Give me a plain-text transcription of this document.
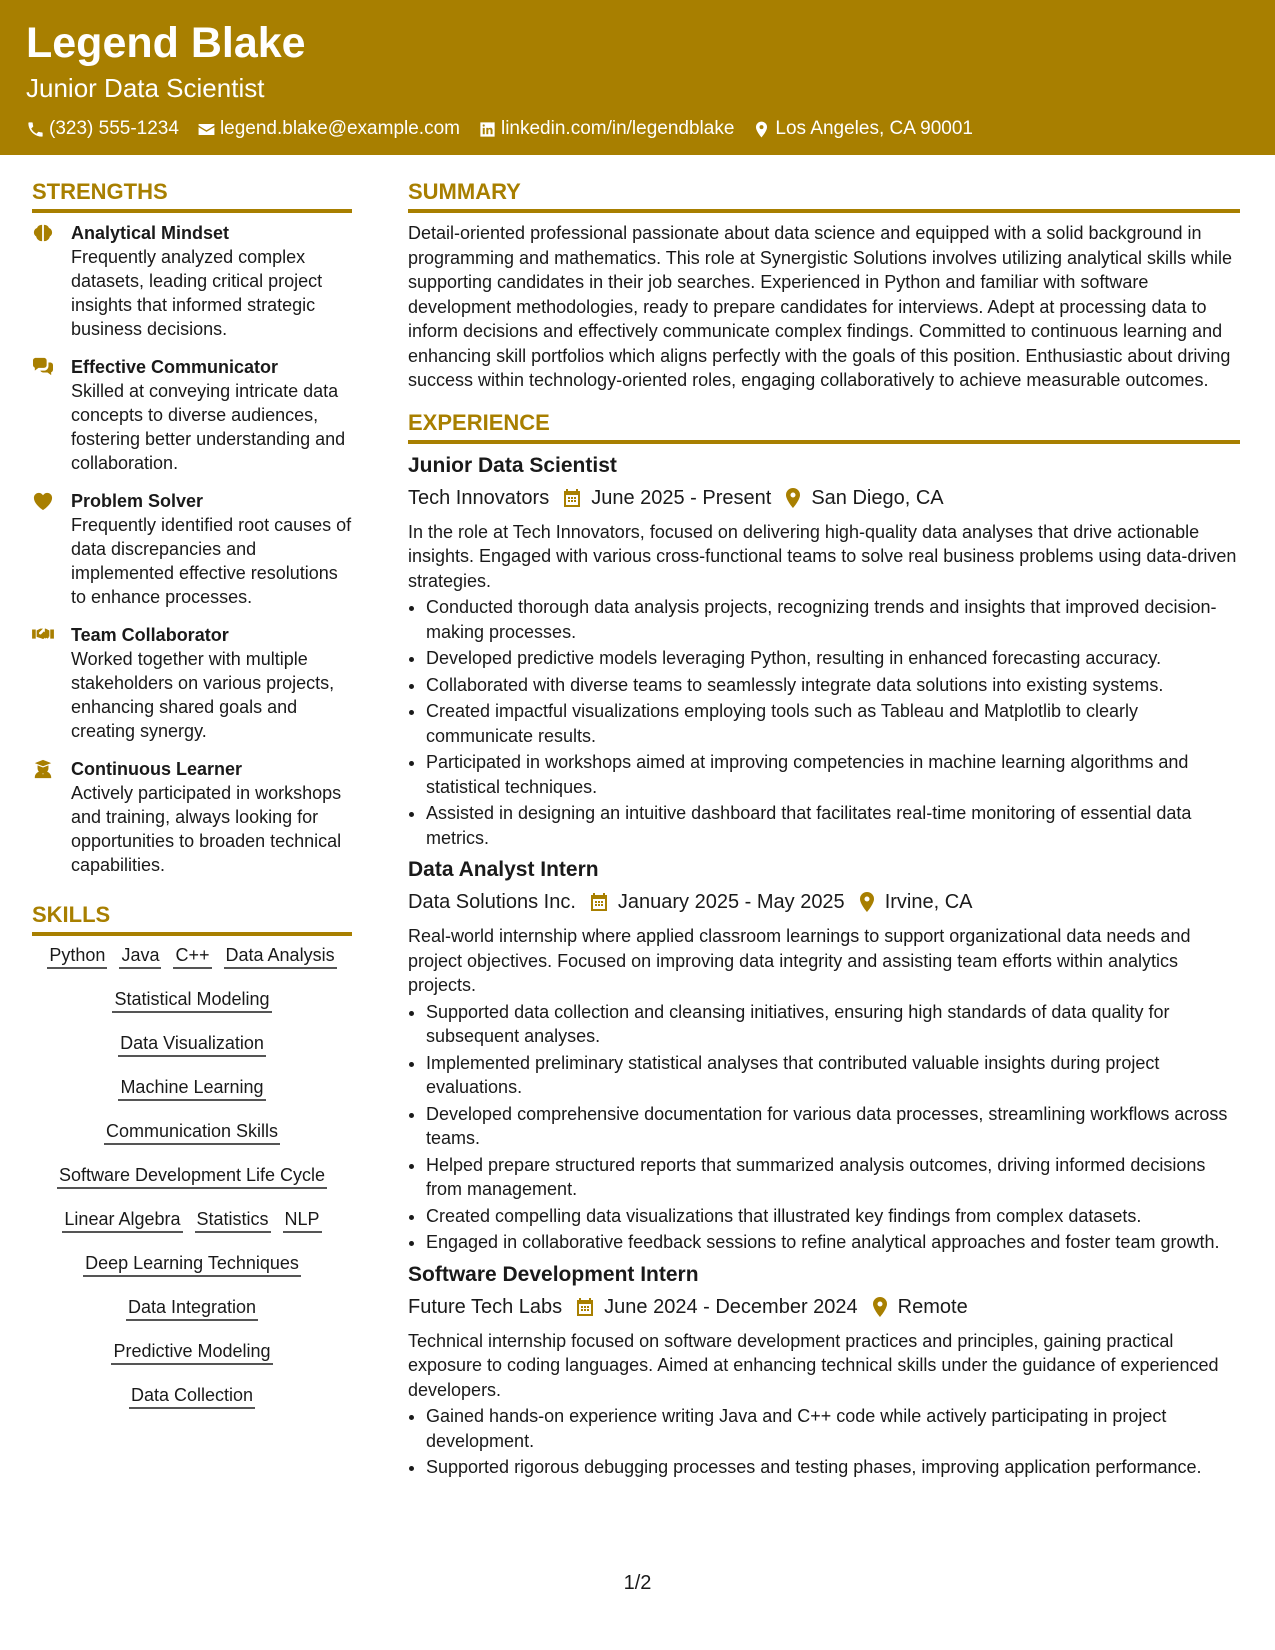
Legend Blake
Junior Data Scientist
(323) 555-1234 legend.blake@example.com linkedin.com/in/legendblake Los Angeles, CA 90001
STRENGTHS
Analytical Mindset
Frequently analyzed complex datasets, leading critical project insights that informed strategic business decisions.
Effective Communicator
Skilled at conveying intricate data concepts to diverse audiences, fostering better understanding and collaboration.
Problem Solver
Frequently identified root causes of data discrepancies and implemented effective resolutions to enhance processes.
Team Collaborator
Worked together with multiple stakeholders on various projects, enhancing shared goals and creating synergy.
Continuous Learner
Actively participated in workshops and training, always looking for opportunities to broaden technical capabilities.
SKILLS
Python Java C++ Data Analysis
Statistical Modeling
Data Visualization
Machine Learning
Communication Skills
Software Development Life Cycle
Linear Algebra Statistics NLP
Deep Learning Techniques
Data Integration
Predictive Modeling
Data Collection
SUMMARY
Detail-oriented professional passionate about data science and equipped with a solid background in programming and mathematics. This role at Synergistic Solutions involves utilizing analytical skills while supporting candidates in their job searches. Experienced in Python and familiar with software development methodologies, ready to prepare candidates for interviews. Adept at processing data to inform decisions and effectively communicate complex findings. Committed to continuous learning and enhancing skill portfolios which aligns perfectly with the goals of this position. Enthusiastic about driving success within technology-oriented roles, engaging collaboratively to achieve measurable outcomes.
EXPERIENCE
Junior Data Scientist
Tech Innovators June 2025 - Present San Diego, CA
In the role at Tech Innovators, focused on delivering high-quality data analyses that drive actionable insights. Engaged with various cross-functional teams to solve real business problems using data-driven strategies.
• Conducted thorough data analysis projects, recognizing trends and insights that improved decision-making processes.
• Developed predictive models leveraging Python, resulting in enhanced forecasting accuracy.
• Collaborated with diverse teams to seamlessly integrate data solutions into existing systems.
• Created impactful visualizations employing tools such as Tableau and Matplotlib to clearly communicate results.
• Participated in workshops aimed at improving competencies in machine learning algorithms and statistical techniques.
• Assisted in designing an intuitive dashboard that facilitates real-time monitoring of essential data metrics.
Data Analyst Intern
Data Solutions Inc. January 2025 - May 2025 Irvine, CA
Real-world internship where applied classroom learnings to support organizational data needs and project objectives. Focused on improving data integrity and assisting team efforts within analytics projects.
• Supported data collection and cleansing initiatives, ensuring high standards of data quality for subsequent analyses.
• Implemented preliminary statistical analyses that contributed valuable insights during project evaluations.
• Developed comprehensive documentation for various data processes, streamlining workflows across teams.
• Helped prepare structured reports that summarized analysis outcomes, driving informed decisions from management.
• Created compelling data visualizations that illustrated key findings from complex datasets.
• Engaged in collaborative feedback sessions to refine analytical approaches and foster team growth.
Software Development Intern
Future Tech Labs June 2024 - December 2024 Remote
Technical internship focused on software development practices and principles, gaining practical exposure to coding languages. Aimed at enhancing technical skills under the guidance of experienced developers.
• Gained hands-on experience writing Java and C++ code while actively participating in project development.
• Supported rigorous debugging processes and testing phases, improving application performance.
1/2
